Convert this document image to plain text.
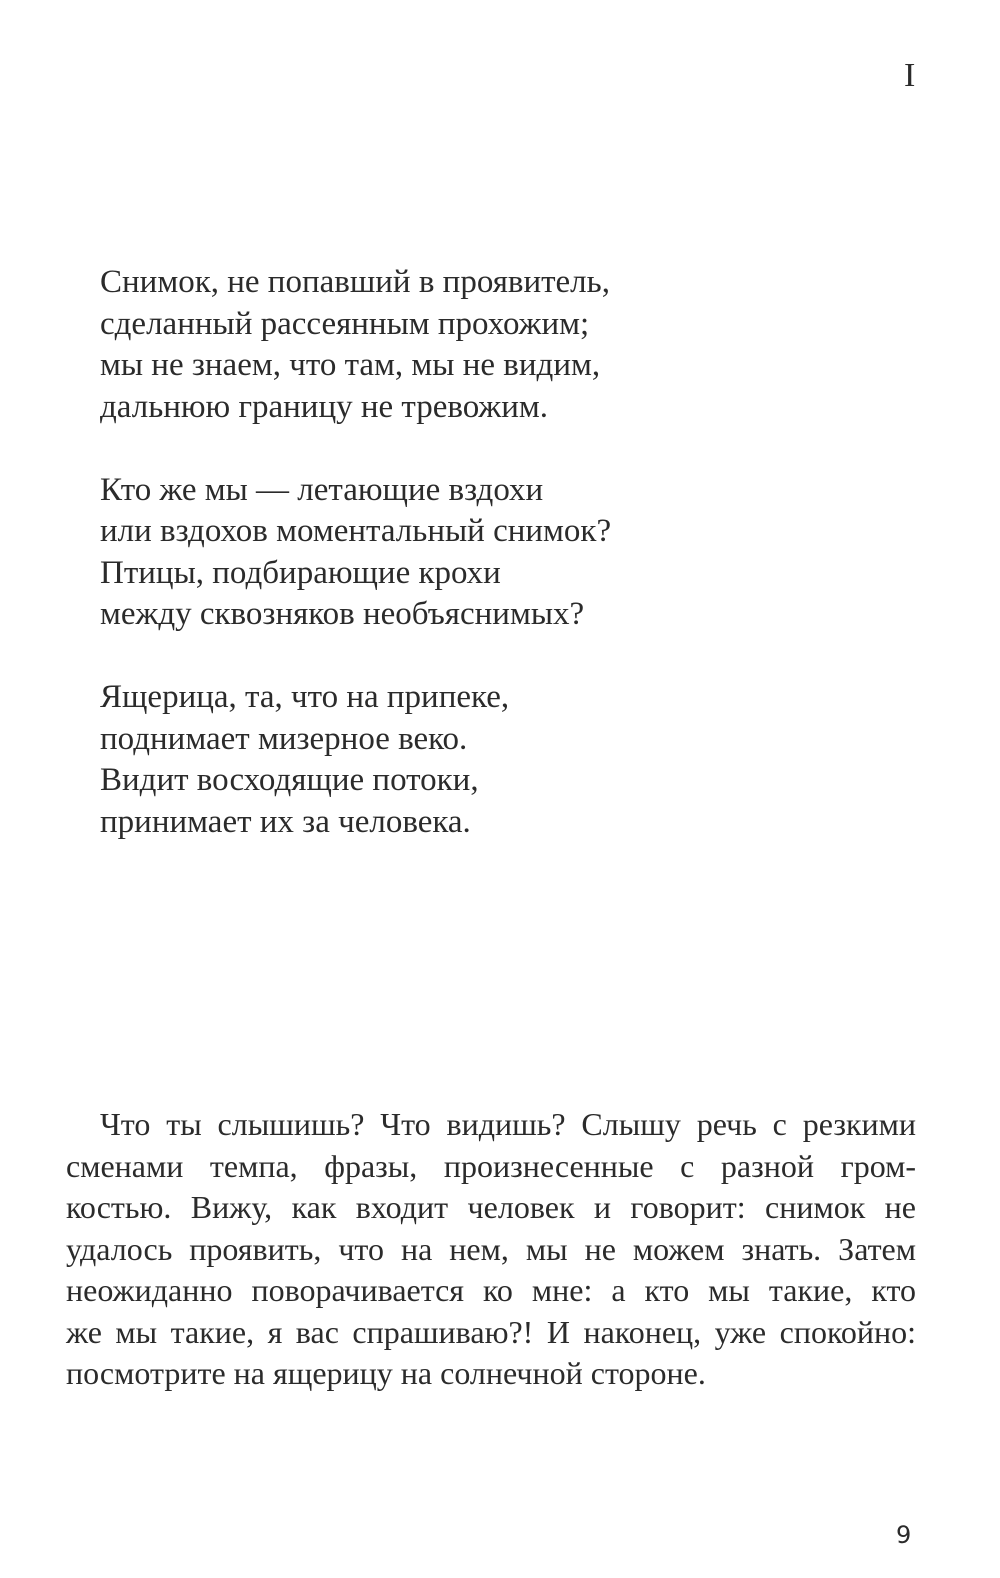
I
Снимок, не попавший в проявитель,
сделанный рассеянным прохожим;
мы не знаем, что там, мы не видим,
дальнюю границу не тревожим.
Кто же мы — летающие вздохи
или вздохов моментальный снимок?
Птицы, подбирающие крохи
между сквозняков необъяснимых?
Ящерица, та, что на припеке,
поднимает мизерное веко.
Видит восходящие потоки,
принимает их за человека.
Что ты слышишь? Что видишь? Слышу речь с резкими
сменами темпа, фразы, произнесенные с разной гром-
костью. Вижу, как входит человек и говорит: снимок не
удалось проявить, что на нем, мы не можем знать. Затем
неожиданно поворачивается ко мне: а кто мы такие, кто
же мы такие, я вас спрашиваю?! И наконец, уже спокойно:
посмотрите на ящерицу на солнечной стороне.
9
